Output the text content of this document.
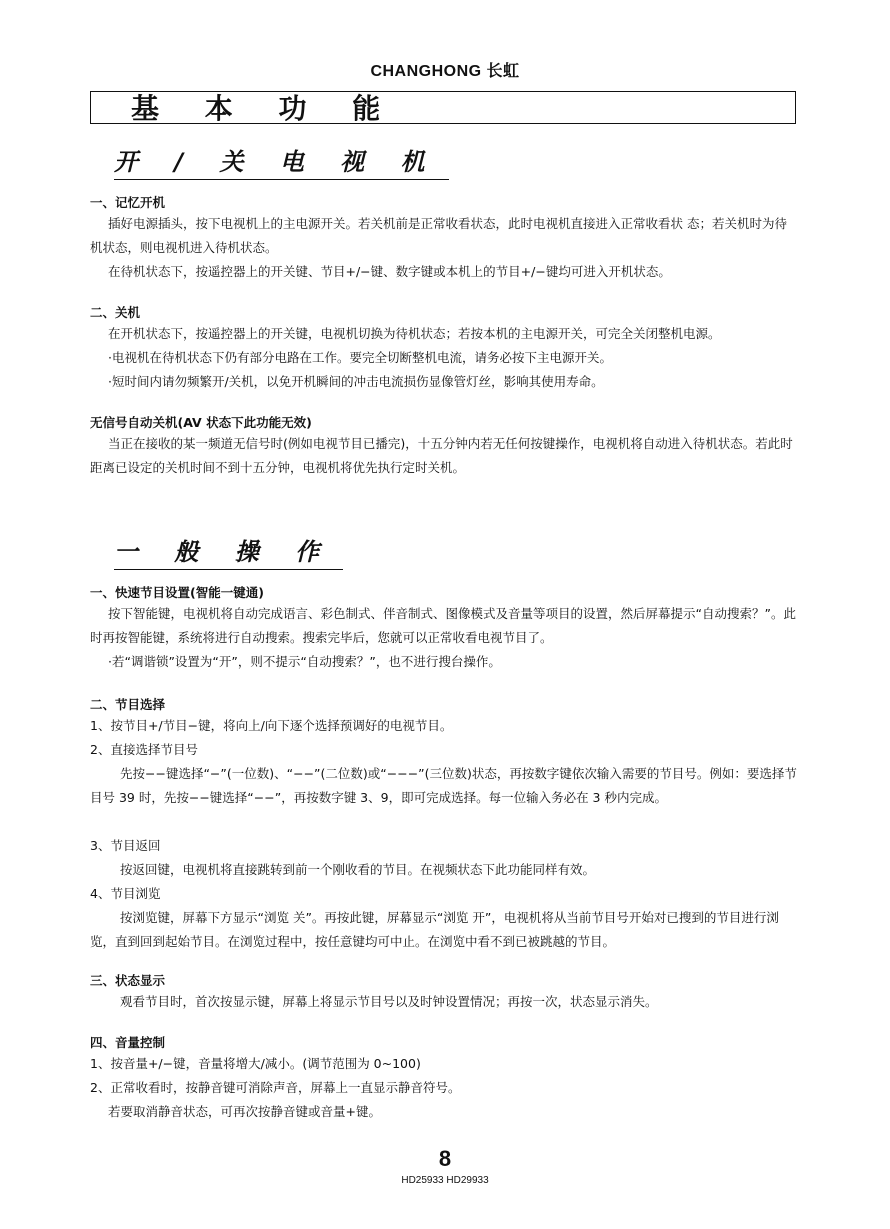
CHANGHONG 长虹
基 本 功 能
开 / 关 电 视 机
一、记忆开机
插好电源插头，按下电视机上的主电源开关。若关机前是正常收看状态，此时电视机直接进入正常收看状 态；若关机时为待机状态，则电视机进入待机状态。
在待机状态下，按遥控器上的开关键、节目+/−键、数字键或本机上的节目+/−键均可进入开机状态。
二、关机
在开机状态下，按遥控器上的开关键，电视机切换为待机状态；若按本机的主电源开关，可完全关闭整机电源。
·电视机在待机状态下仍有部分电路在工作。要完全切断整机电流，请务必按下主电源开关。
·短时间内请勿频繁开/关机，以免开机瞬间的冲击电流损伤显像管灯丝，影响其使用寿命。
无信号自动关机(AV 状态下此功能无效)
当正在接收的某一频道无信号时(例如电视节目已播完)，十五分钟内若无任何按键操作，电视机将自动进入待机状态。若此时距离已设定的关机时间不到十五分钟，电视机将优先执行定时关机。
一 般 操 作
一、快速节目设置(智能一键通)
按下智能键，电视机将自动完成语言、彩色制式、伴音制式、图像模式及音量等项目的设置，然后屏幕提示“自动搜索？”。此时再按智能键，系统将进行自动搜索。搜索完毕后，您就可以正常收看电视节目了。
·若“调谐锁”设置为“开”，则不提示“自动搜索？”，也不进行搜台操作。
二、节目选择
1、按节目+/节目−键，将向上/向下逐个选择预调好的电视节目。
2、直接选择节目号
先按−−键选择“−”(一位数)、“−−”(二位数)或“−−−”(三位数)状态，再按数字键依次输入需要的节目号。例如：要选择节目号 39 时，先按−−键选择“−−”，再按数字键 3、9，即可完成选择。每一位输入务必在 3 秒内完成。
3、节目返回
按返回键，电视机将直接跳转到前一个刚收看的节目。在视频状态下此功能同样有效。
4、节目浏览
按浏览键，屏幕下方显示“浏览 关”。再按此键，屏幕显示“浏览 开”，电视机将从当前节目号开始对已搜到的节目进行浏览，直到回到起始节目。在浏览过程中，按任意键均可中止。在浏览中看不到已被跳越的节目。
三、状态显示
观看节目时，首次按显示键，屏幕上将显示节目号以及时钟设置情况；再按一次，状态显示消失。
四、音量控制
1、按音量+/−键，音量将增大/减小。(调节范围为 0~100)
2、正常收看时，按静音键可消除声音，屏幕上一直显示静音符号。
若要取消静音状态，可再次按静音键或音量+键。
8
HD25933 HD29933
